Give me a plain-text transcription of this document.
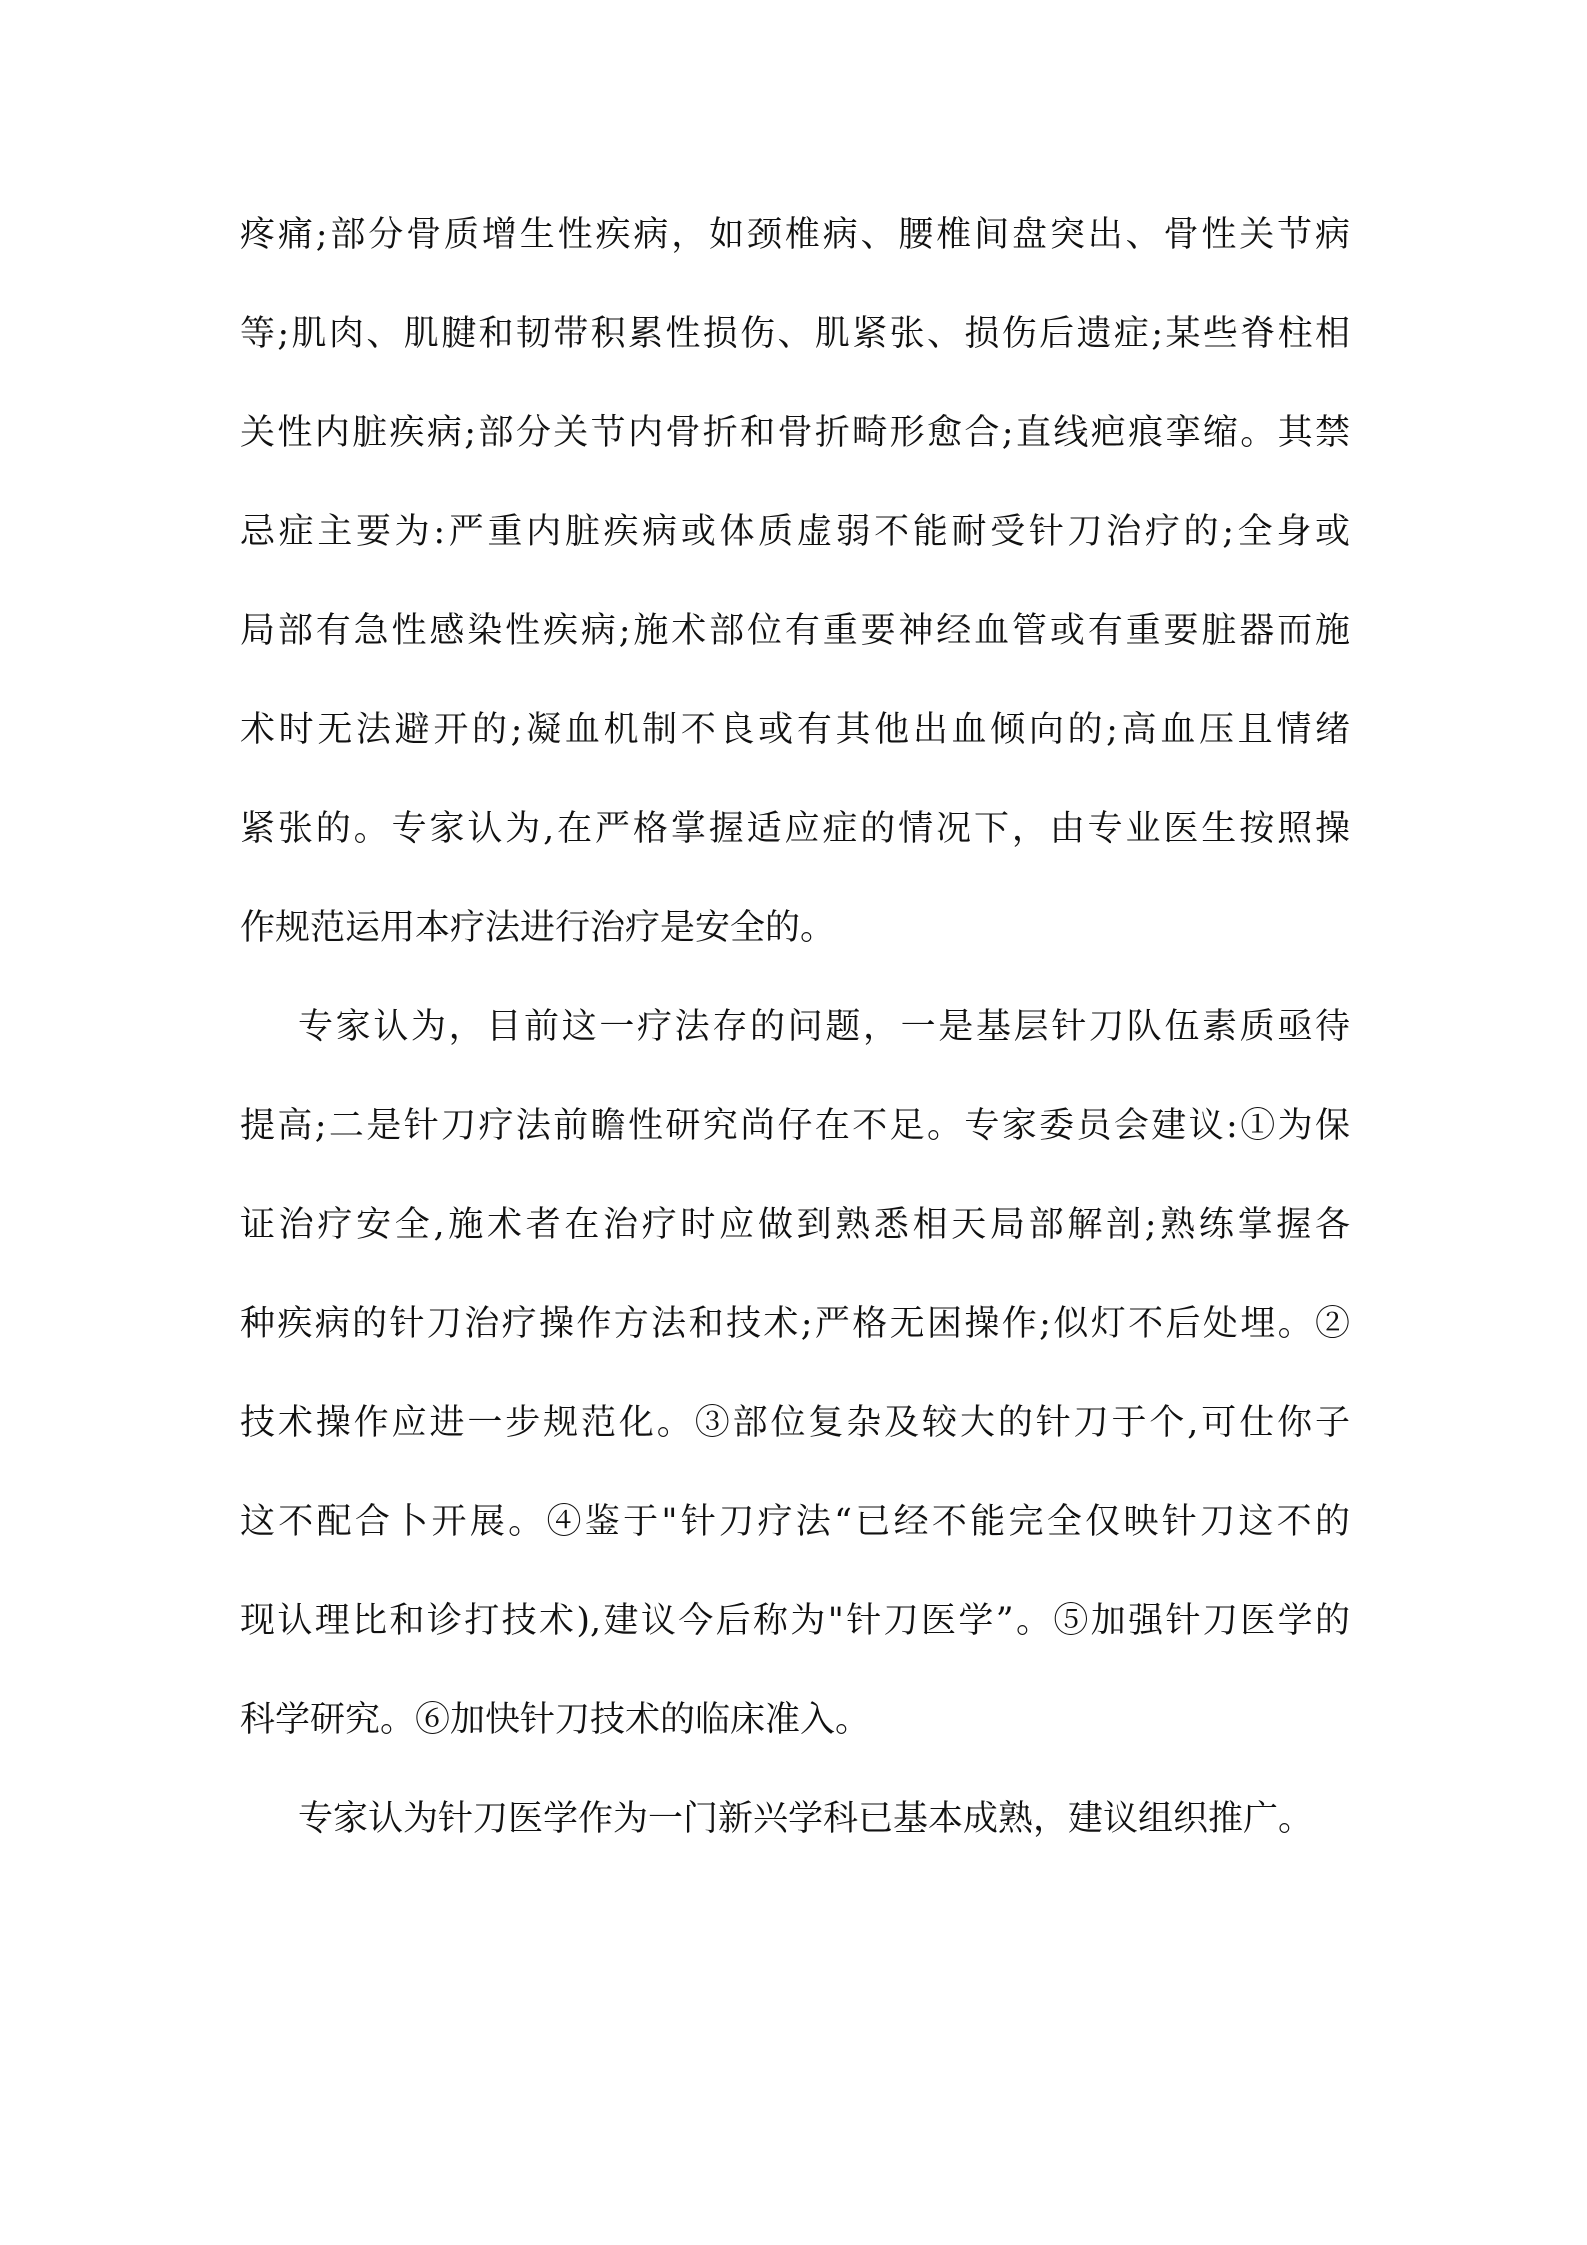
疼痛;部分骨质增生性疾病，如颈椎病、腰椎间盘突出、骨性关节病
等;肌肉、肌腱和韧带积累性损伤、肌紧张、损伤后遗症;某些脊柱相
关性内脏疾病;部分关节内骨折和骨折畸形愈合;直线疤痕挛缩。其禁
忌症主要为:严重内脏疾病或体质虚弱不能耐受针刀治疗的;全身或
局部有急性感染性疾病;施术部位有重要神经血管或有重要脏器而施
术时无法避开的;凝血机制不良或有其他出血倾向的;高血压且情绪
紧张的。专家认为,在严格掌握适应症的情况下，由专业医生按照操
作规范运用本疗法进行治疗是安全的。
专家认为，目前这一疗法存的问题，一是基层针刀队伍素质亟待
提高;二是针刀疗法前瞻性研究尚仔在不足。专家委员会建议:①为保
证治疗安全,施术者在治疗时应做到熟悉相天局部解剖;熟练掌握各
种疾病的针刀治疗操作方法和技术;严格无困操作;似灯不后处埋。②
技术操作应进一步规范化。③部位复杂及较大的针刀于个,可仕你子
这不配合卜开展。④鉴于"针刀疗法“已经不能完全仅映针刀这不的
现认理比和诊打技术),建议今后称为"针刀医学”。⑤加强针刀医学的
科学研究。⑥加快针刀技术的临床准入。
专家认为针刀医学作为一门新兴学科已基本成熟，建议组织推广。
